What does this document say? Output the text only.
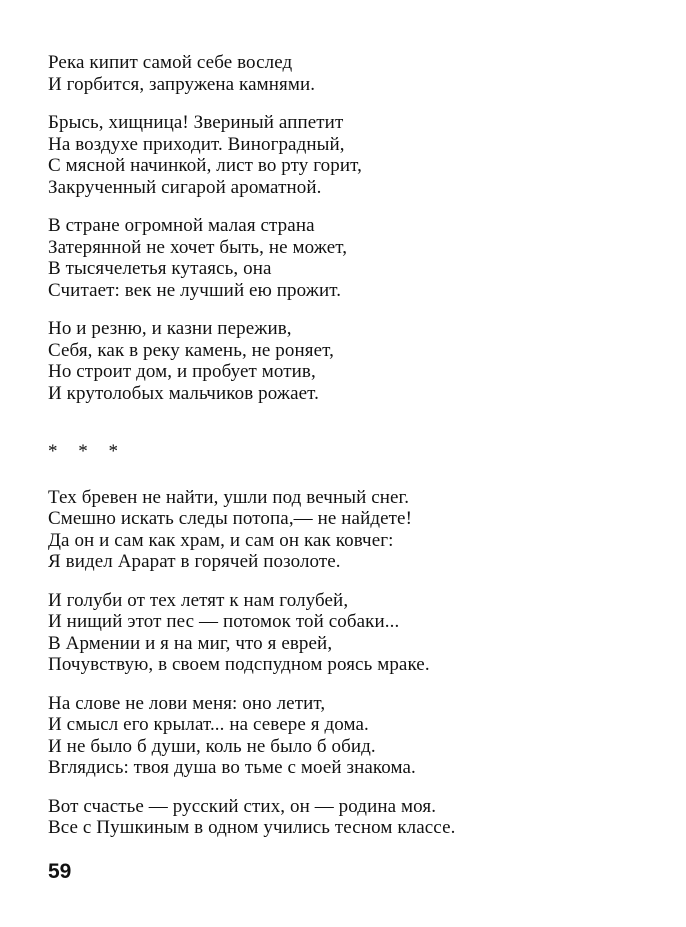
Река кипит самой себе вослед
И горбится, запружена камнями.
Брысь, хищница! Звериный аппетит
На воздухе приходит. Виноградный,
С мясной начинкой, лист во рту горит,
Закрученный сигарой ароматной.
В стране огромной малая страна
Затерянной не хочет быть, не может,
В тысячелетья кутаясь, она
Считает: век не лучший ею прожит.
Но и резню, и казни пережив,
Себя, как в реку камень, не роняет,
Но строит дом, и пробует мотив,
И крутолобых мальчиков рожает.
* * *
Тех бревен не найти, ушли под вечный снег.
Смешно искать следы потопа,— не найдете!
Да он и сам как храм, и сам он как ковчег:
Я видел Арарат в горячей позолоте.
И голуби от тех летят к нам голубей,
И нищий этот пес — потомок той собаки...
В Армении и я на миг, что я еврей,
Почувствую, в своем подспудном роясь мраке.
На слове не лови меня: оно летит,
И смысл его крылат... на севере я дома.
И не было б души, коль не было б обид.
Вглядись: твоя душа во тьме с моей знакома.
Вот счастье — русский стих, он — родина моя.
Все с Пушкиным в одном учились тесном классе.
59
